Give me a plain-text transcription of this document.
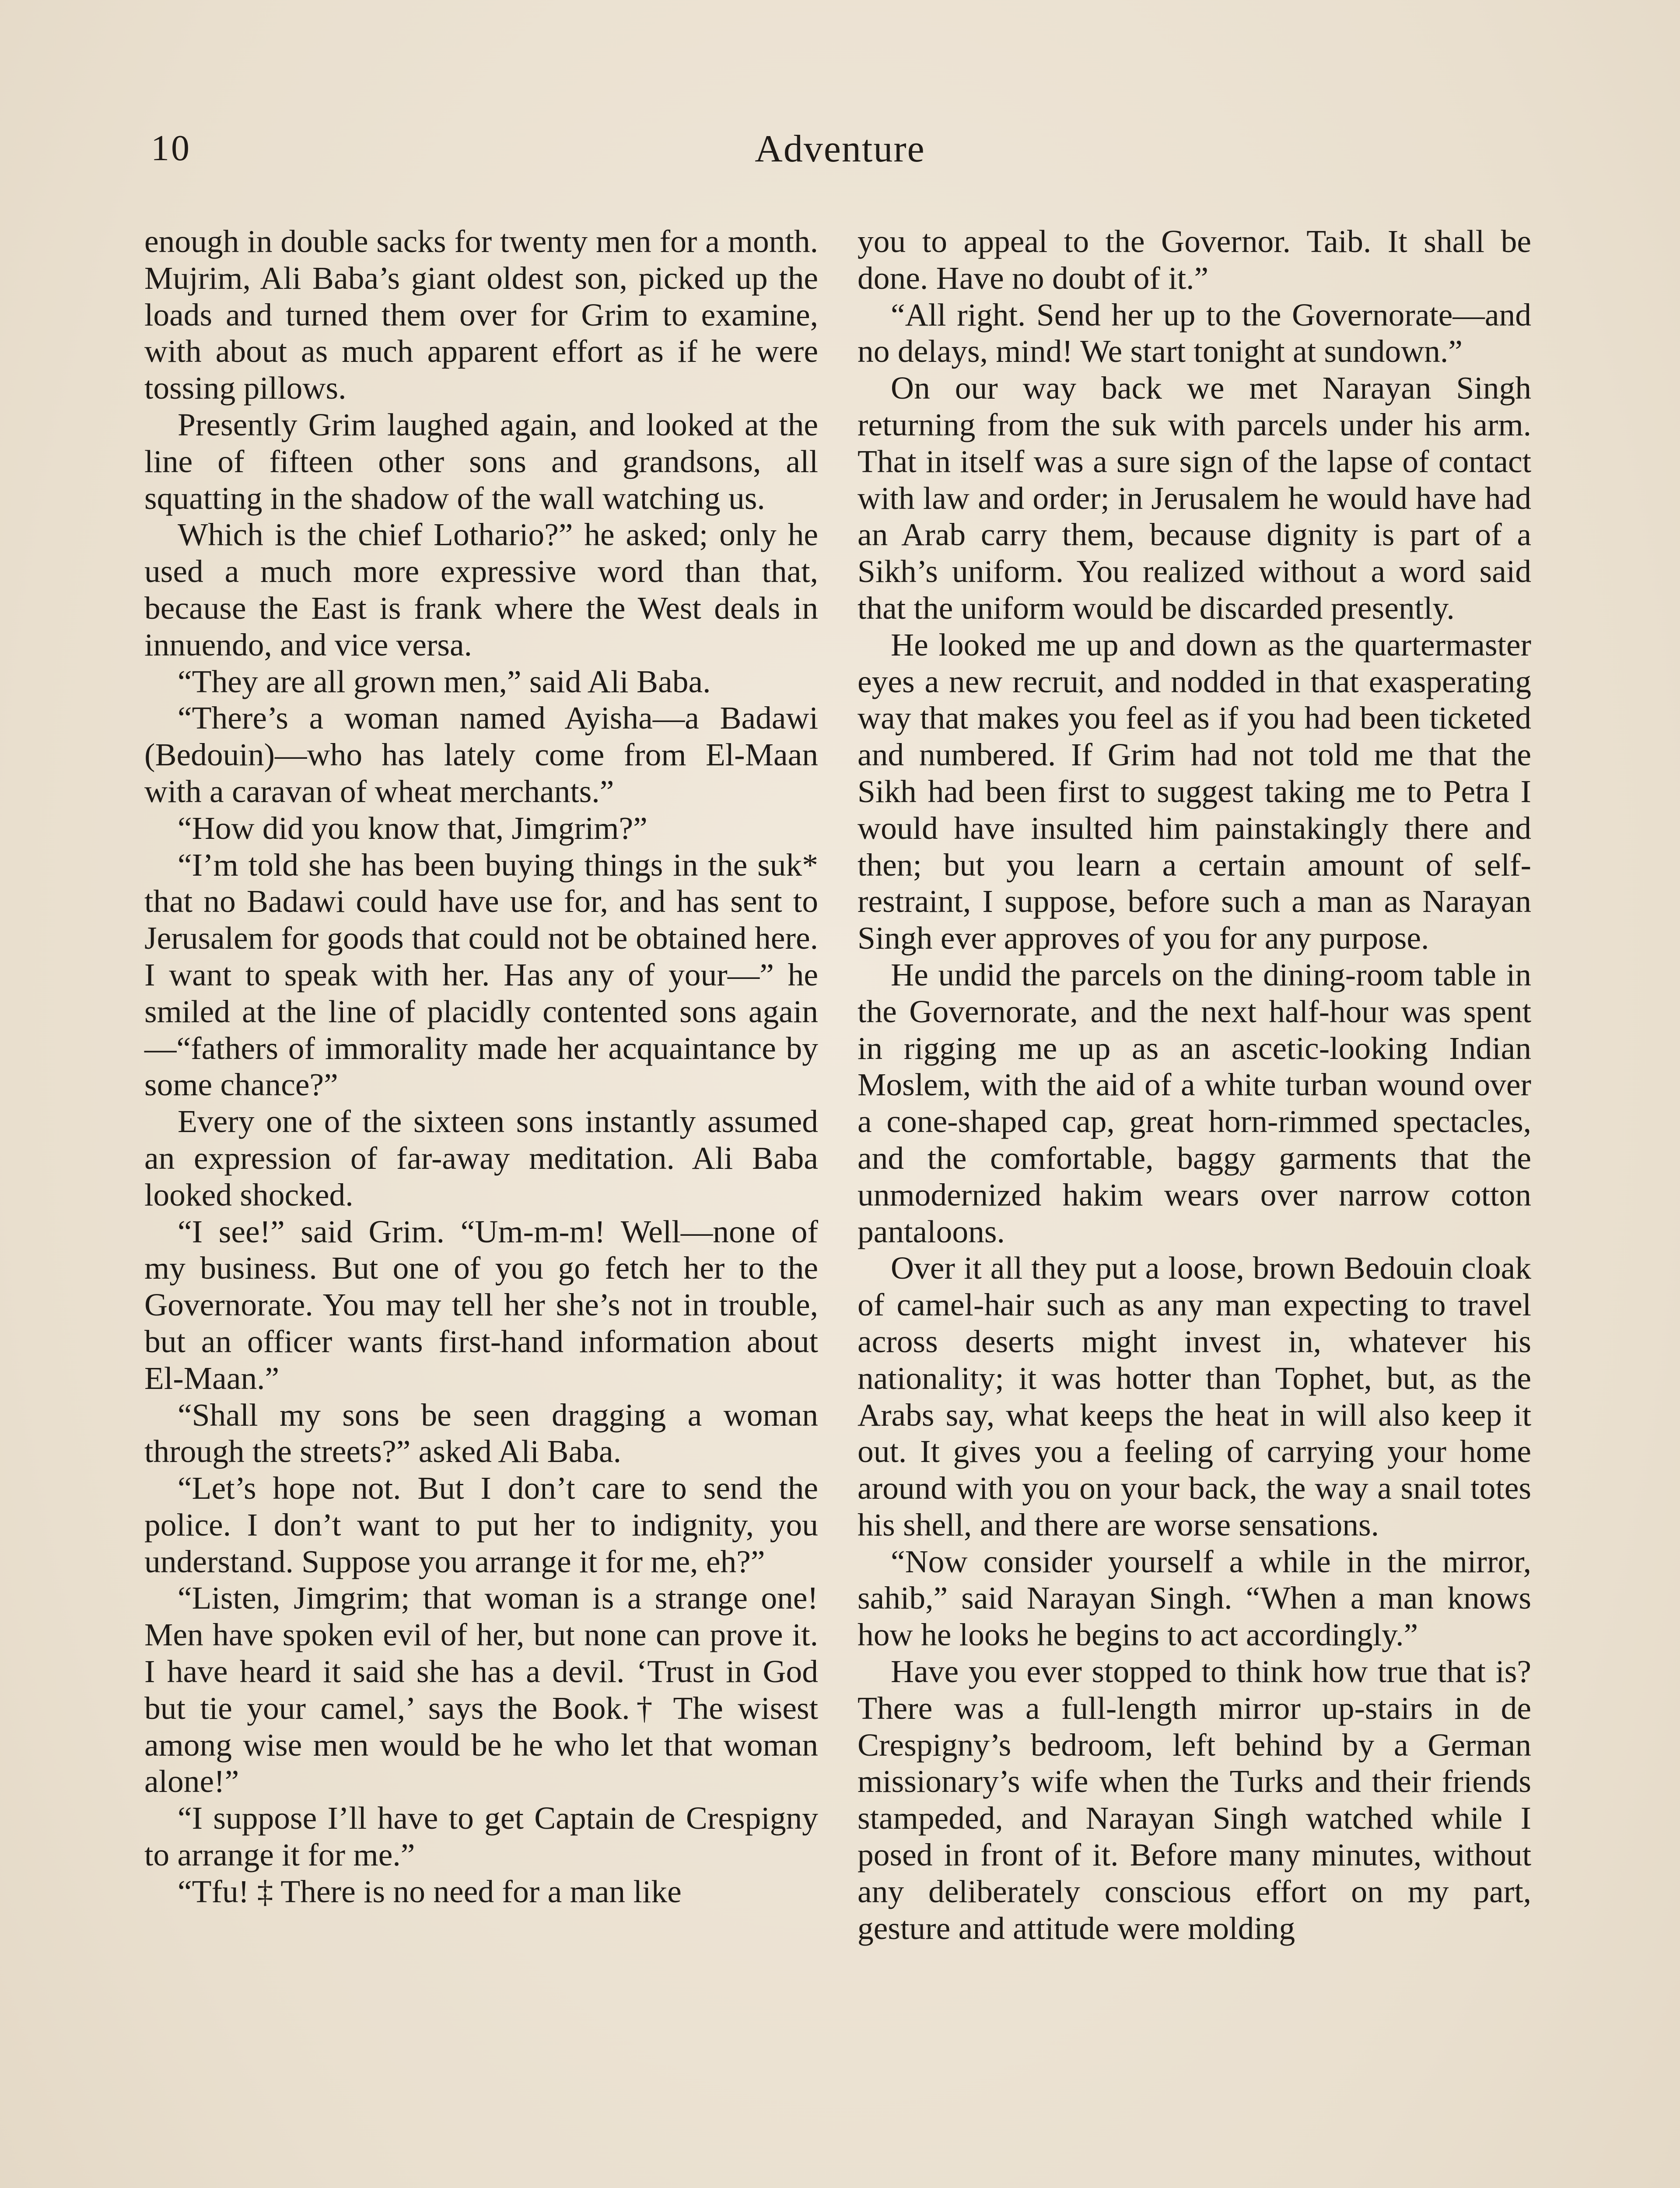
10	Adventure

enough in double sacks for twenty men for a month. Mujrim, Ali Baba’s giant oldest son, picked up the loads and turned them over for Grim to examine, with about as much apparent effort as if he were tossing pillows.

Presently Grim laughed again, and looked at the line of fifteen other sons and grandsons, all squatting in the shadow of the wall watching us.

Which is the chief Lothario?” he asked; only he used a much more expressive word than that, because the East is frank where the West deals in innuendo, and vice versa.

“They are all grown men,” said Ali Baba.

“There’s a woman named Ayisha—a Badawi (Bedouin)—who has lately come from El-Maan with a caravan of wheat merchants.”

“How did you know that, Jimgrim?”

“I’m told she has been buying things in the suk* that no Badawi could have use for, and has sent to Jerusalem for goods that could not be obtained here. I want to speak with her. Has any of your—” he smiled at the line of placidly contented sons again—“fathers of immorality made her acquaintance by some chance?”

Every one of the sixteen sons instantly assumed an expression of far-away meditation. Ali Baba looked shocked.

“I see!” said Grim. “Um-m-m! Well—none of my business. But one of you go fetch her to the Governorate. You may tell her she’s not in trouble, but an officer wants first-hand information about El-Maan.”

“Shall my sons be seen dragging a woman through the streets?” asked Ali Baba.

“Let’s hope not. But I don’t care to send the police. I don’t want to put her to indignity, you understand. Suppose you arrange it for me, eh?”

“Listen, Jimgrim; that woman is a strange one! Men have spoken evil of her, but none can prove it. I have heard it said she has a devil. ‘Trust in God but tie your camel,’ says the Book.† The wisest among wise men would be he who let that woman alone!”

“I suppose I’ll have to get Captain de Crespigny to arrange it for me.”

“Tfu! ‡ There is no need for a man like

you to appeal to the Governor. Taib. It shall be done. Have no doubt of it.”

“All right. Send her up to the Governorate—and no delays, mind! We start tonight at sundown.”

On our way back we met Narayan Singh returning from the suk with parcels under his arm. That in itself was a sure sign of the lapse of contact with law and order; in Jerusalem he would have had an Arab carry them, because dignity is part of a Sikh’s uniform. You realized without a word said that the uniform would be discarded presently.

He looked me up and down as the quartermaster eyes a new recruit, and nodded in that exasperating way that makes you feel as if you had been ticketed and numbered. If Grim had not told me that the Sikh had been first to suggest taking me to Petra I would have insulted him painstakingly there and then; but you learn a certain amount of self-restraint, I suppose, before such a man as Narayan Singh ever approves of you for any purpose.

He undid the parcels on the dining-room table in the Governorate, and the next half-hour was spent in rigging me up as an ascetic-looking Indian Moslem, with the aid of a white turban wound over a cone-shaped cap, great horn-rimmed spectacles, and the comfortable, baggy garments that the unmodernized hakim wears over narrow cotton pantaloons.

Over it all they put a loose, brown Bedouin cloak of camel-hair such as any man expecting to travel across deserts might invest in, whatever his nationality; it was hotter than Tophet, but, as the Arabs say, what keeps the heat in will also keep it out. It gives you a feeling of carrying your home around with you on your back, the way a snail totes his shell, and there are worse sensations.

“Now consider yourself a while in the mirror, sahib,” said Narayan Singh. “When a man knows how he looks he begins to act accordingly.”

Have you ever stopped to think how true that is? There was a full-length mirror up-stairs in de Crespigny’s bedroom, left behind by a German missionary’s wife when the Turks and their friends stampeded, and Narayan Singh watched while I posed in front of it. Before many minutes, without any deliberately conscious effort on my part, gesture and attitude were molding
